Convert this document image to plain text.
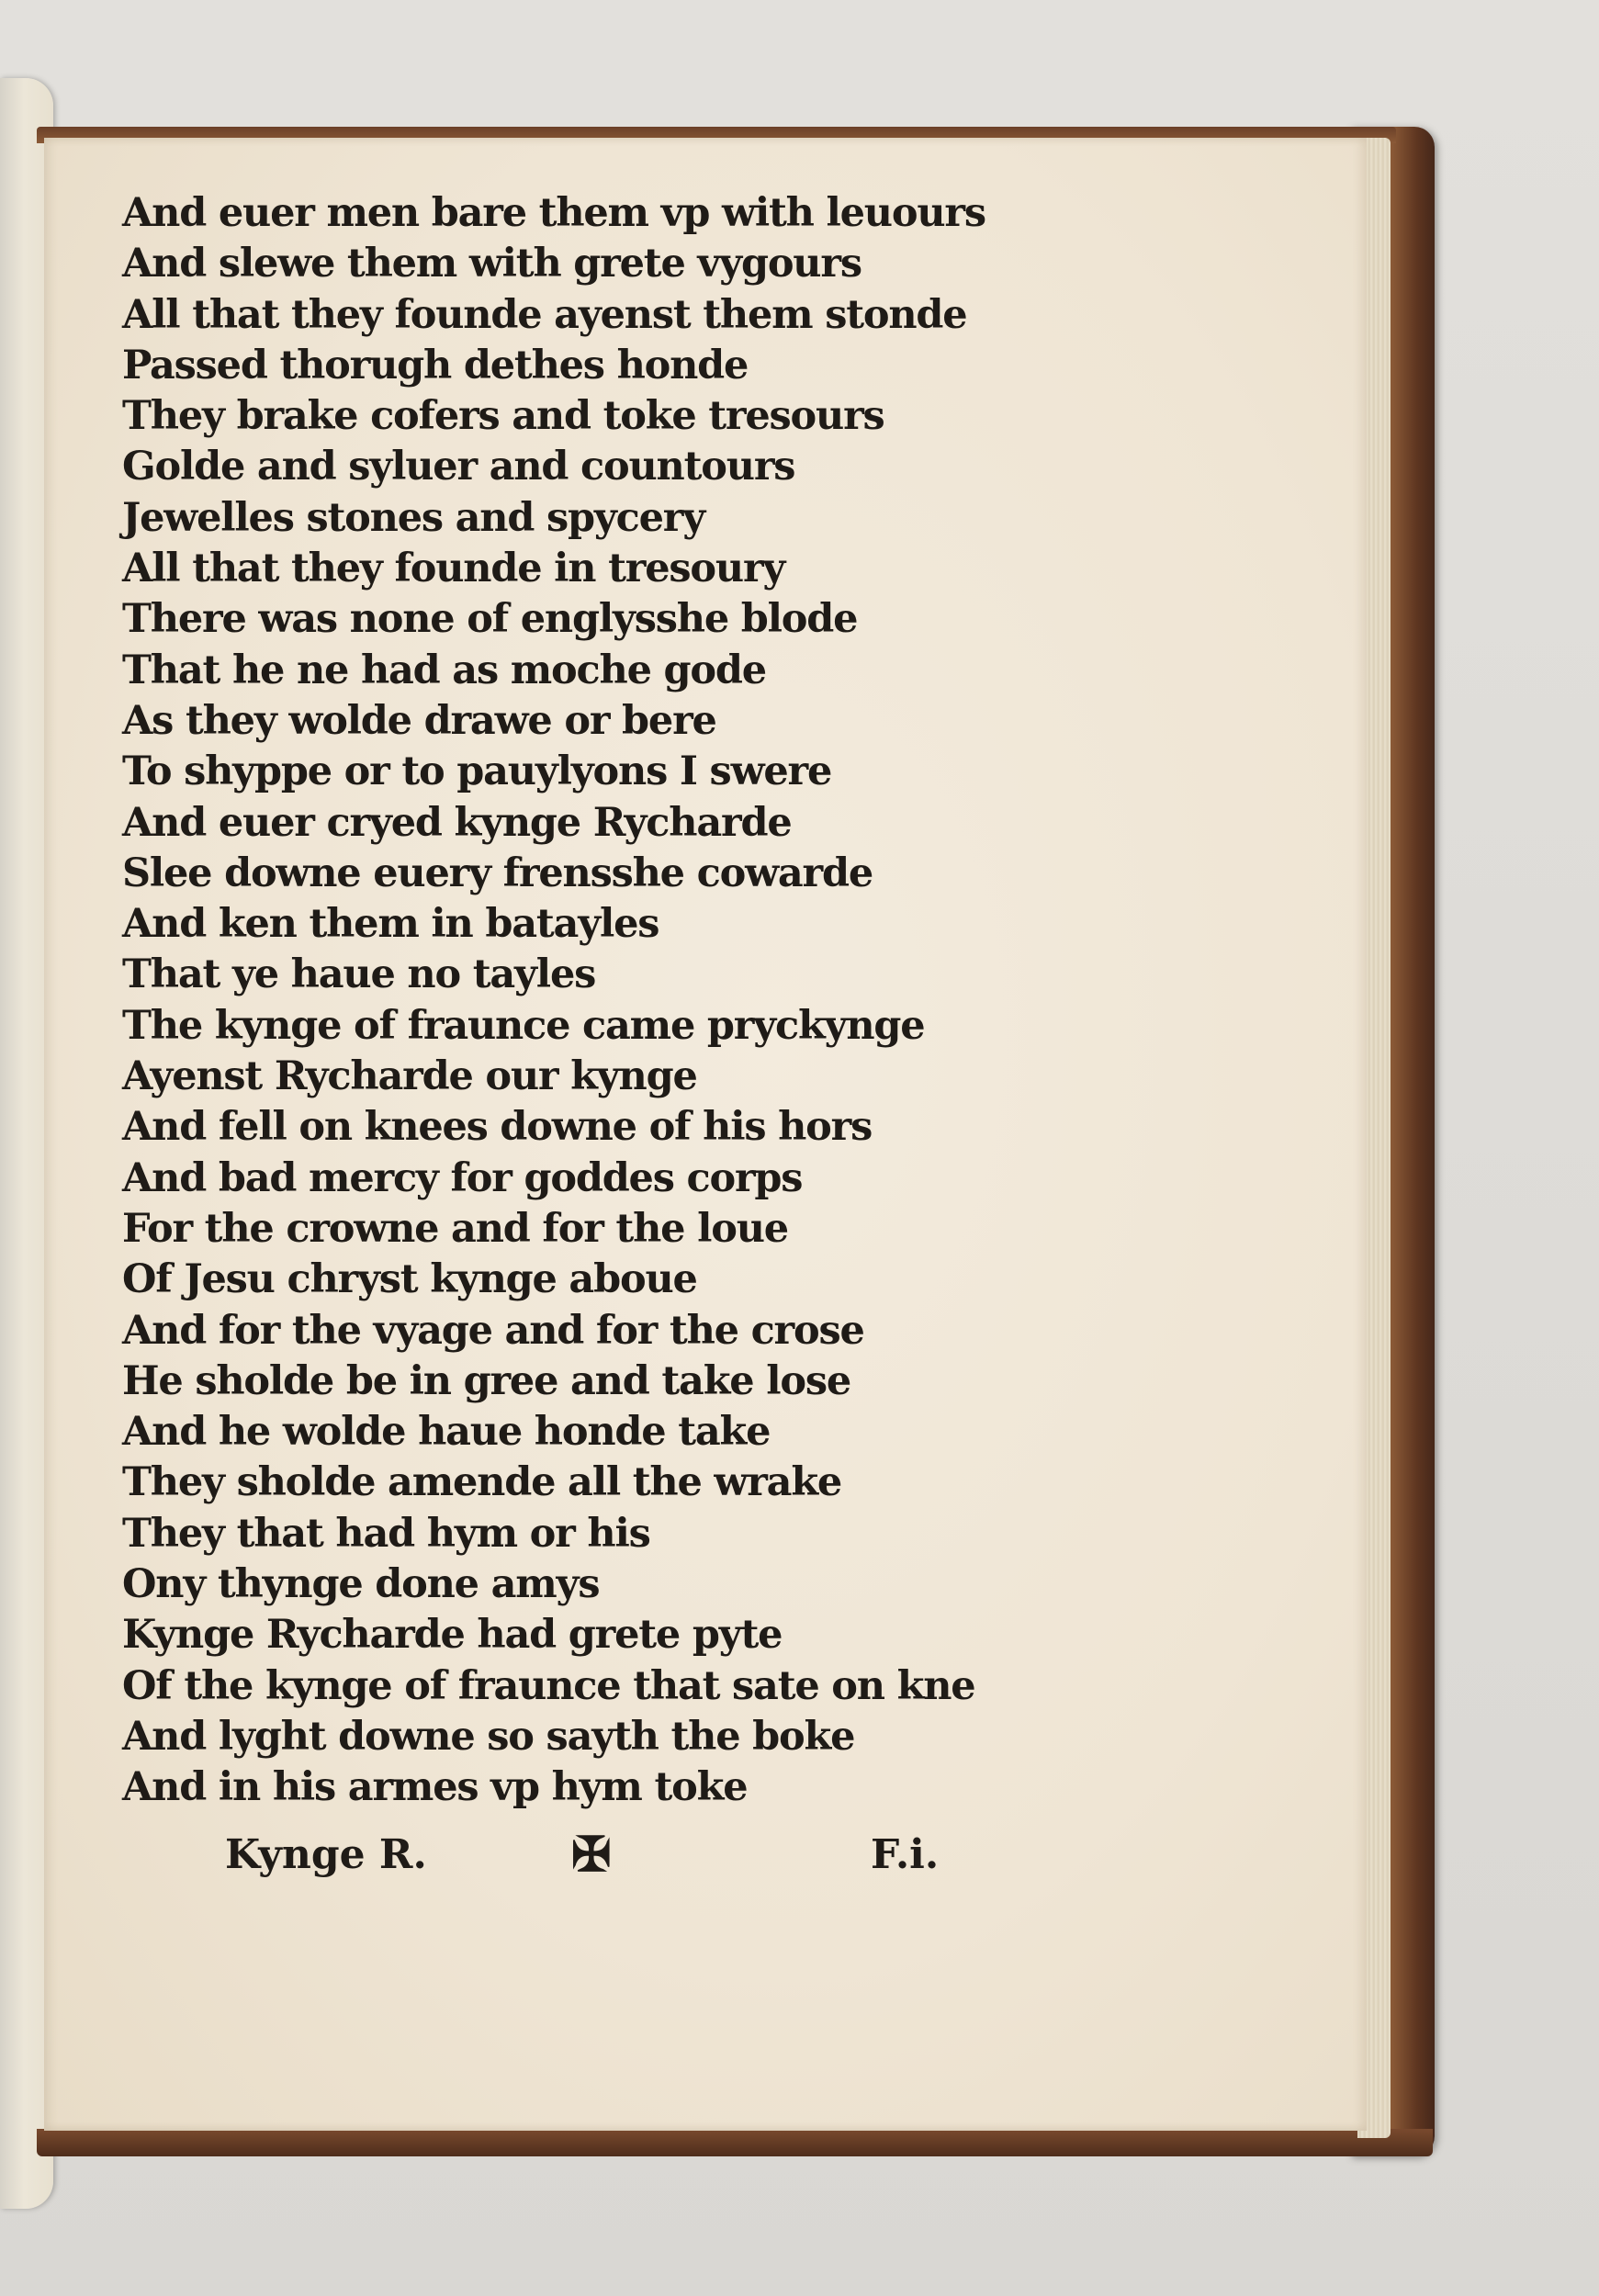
And euer men bare them vp with leuours
And slewe them with grete vygours
All that they founde ayenst them stonde
Passed thorugh dethes honde
They brake cofers and toke tresours
Golde and syluer and countours
Jewelles stones and spycery
All that they founde in tresoury
There was none of englysshe blode
That he ne had as moche gode
As they wolde drawe or bere
To shyppe or to pauylyons I swere
And euer cryed kynge Rycharde
Slee downe euery frensshe cowarde
And ken them in batayles
That ye haue no tayles
The kynge of fraunce came pryckynge
Ayenst Rycharde our kynge
And fell on knees downe of his hors
And bad mercy for goddes corps
For the crowne and for the loue
Of Jesu chryst kynge aboue
And for the vyage and for the crose
He sholde be in gree and take lose
And he wolde haue honde take
They sholde amende all the wrake
They that had hym or his
Ony thynge done amys
Kynge Rycharde had grete pyte
Of the kynge of fraunce that sate on kne
And lyght downe so sayth the boke
And in his armes vp hym toke
Kynge R.	✠	F.i.
